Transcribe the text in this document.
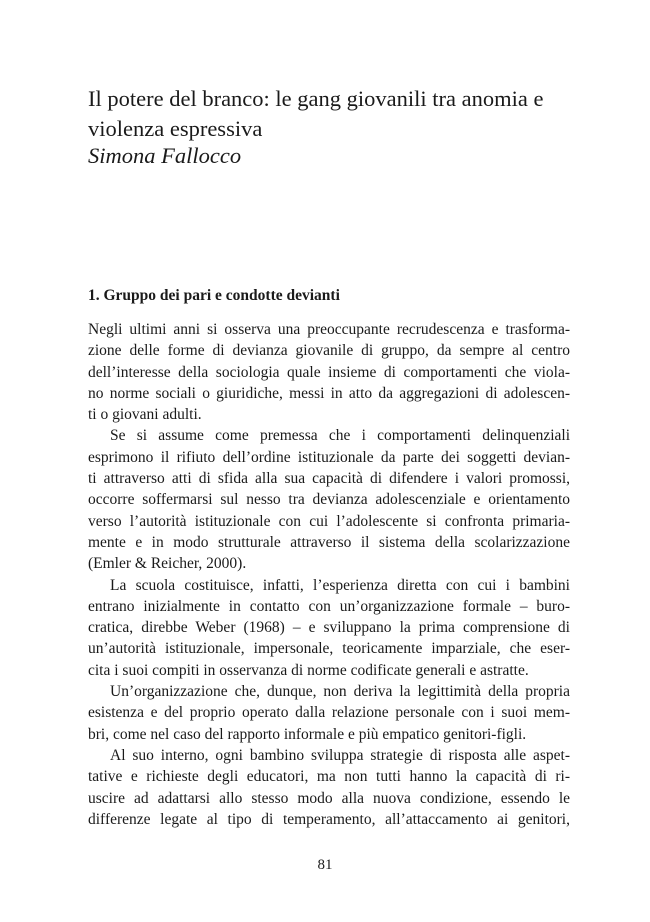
Il potere del branco: le gang giovanili tra anomia e
violenza espressiva

Simona Fallocco

1. Gruppo dei pari e condotte devianti
Negli ultimi anni si osserva una preoccupante recrudescenza e trasforma-
zione delle forme di devianza giovanile di gruppo, da sempre al centro
dell’interesse della sociologia quale insieme di comportamenti che viola-
no norme sociali o giuridiche, messi in atto da aggregazioni di adolescen-
ti o giovani adulti.
Se si assume come premessa che i comportamenti delinquenziali
esprimono il rifiuto dell’ordine istituzionale da parte dei soggetti devian-
ti attraverso atti di sfida alla sua capacità di difendere i valori promossi,
occorre soffermarsi sul nesso tra devianza adolescenziale e orientamento
verso l’autorità istituzionale con cui l’adolescente si confronta primaria-
mente e in modo strutturale attraverso il sistema della scolarizzazione
(Emler & Reicher, 2000).
La scuola costituisce, infatti, l’esperienza diretta con cui i bambini
entrano inizialmente in contatto con un’organizzazione formale – buro-
cratica, direbbe Weber (1968) – e sviluppano la prima comprensione di
un’autorità istituzionale, impersonale, teoricamente imparziale, che eser-
cita i suoi compiti in osservanza di norme codificate generali e astratte.
Un’organizzazione che, dunque, non deriva la legittimità della propria
esistenza e del proprio operato dalla relazione personale con i suoi mem-
bri, come nel caso del rapporto informale e più empatico genitori-figli.
Al suo interno, ogni bambino sviluppa strategie di risposta alle aspet-
tative e richieste degli educatori, ma non tutti hanno la capacità di ri-
uscire ad adattarsi allo stesso modo alla nuova condizione, essendo le
differenze legate al tipo di temperamento, all’attaccamento ai genitori,
81
